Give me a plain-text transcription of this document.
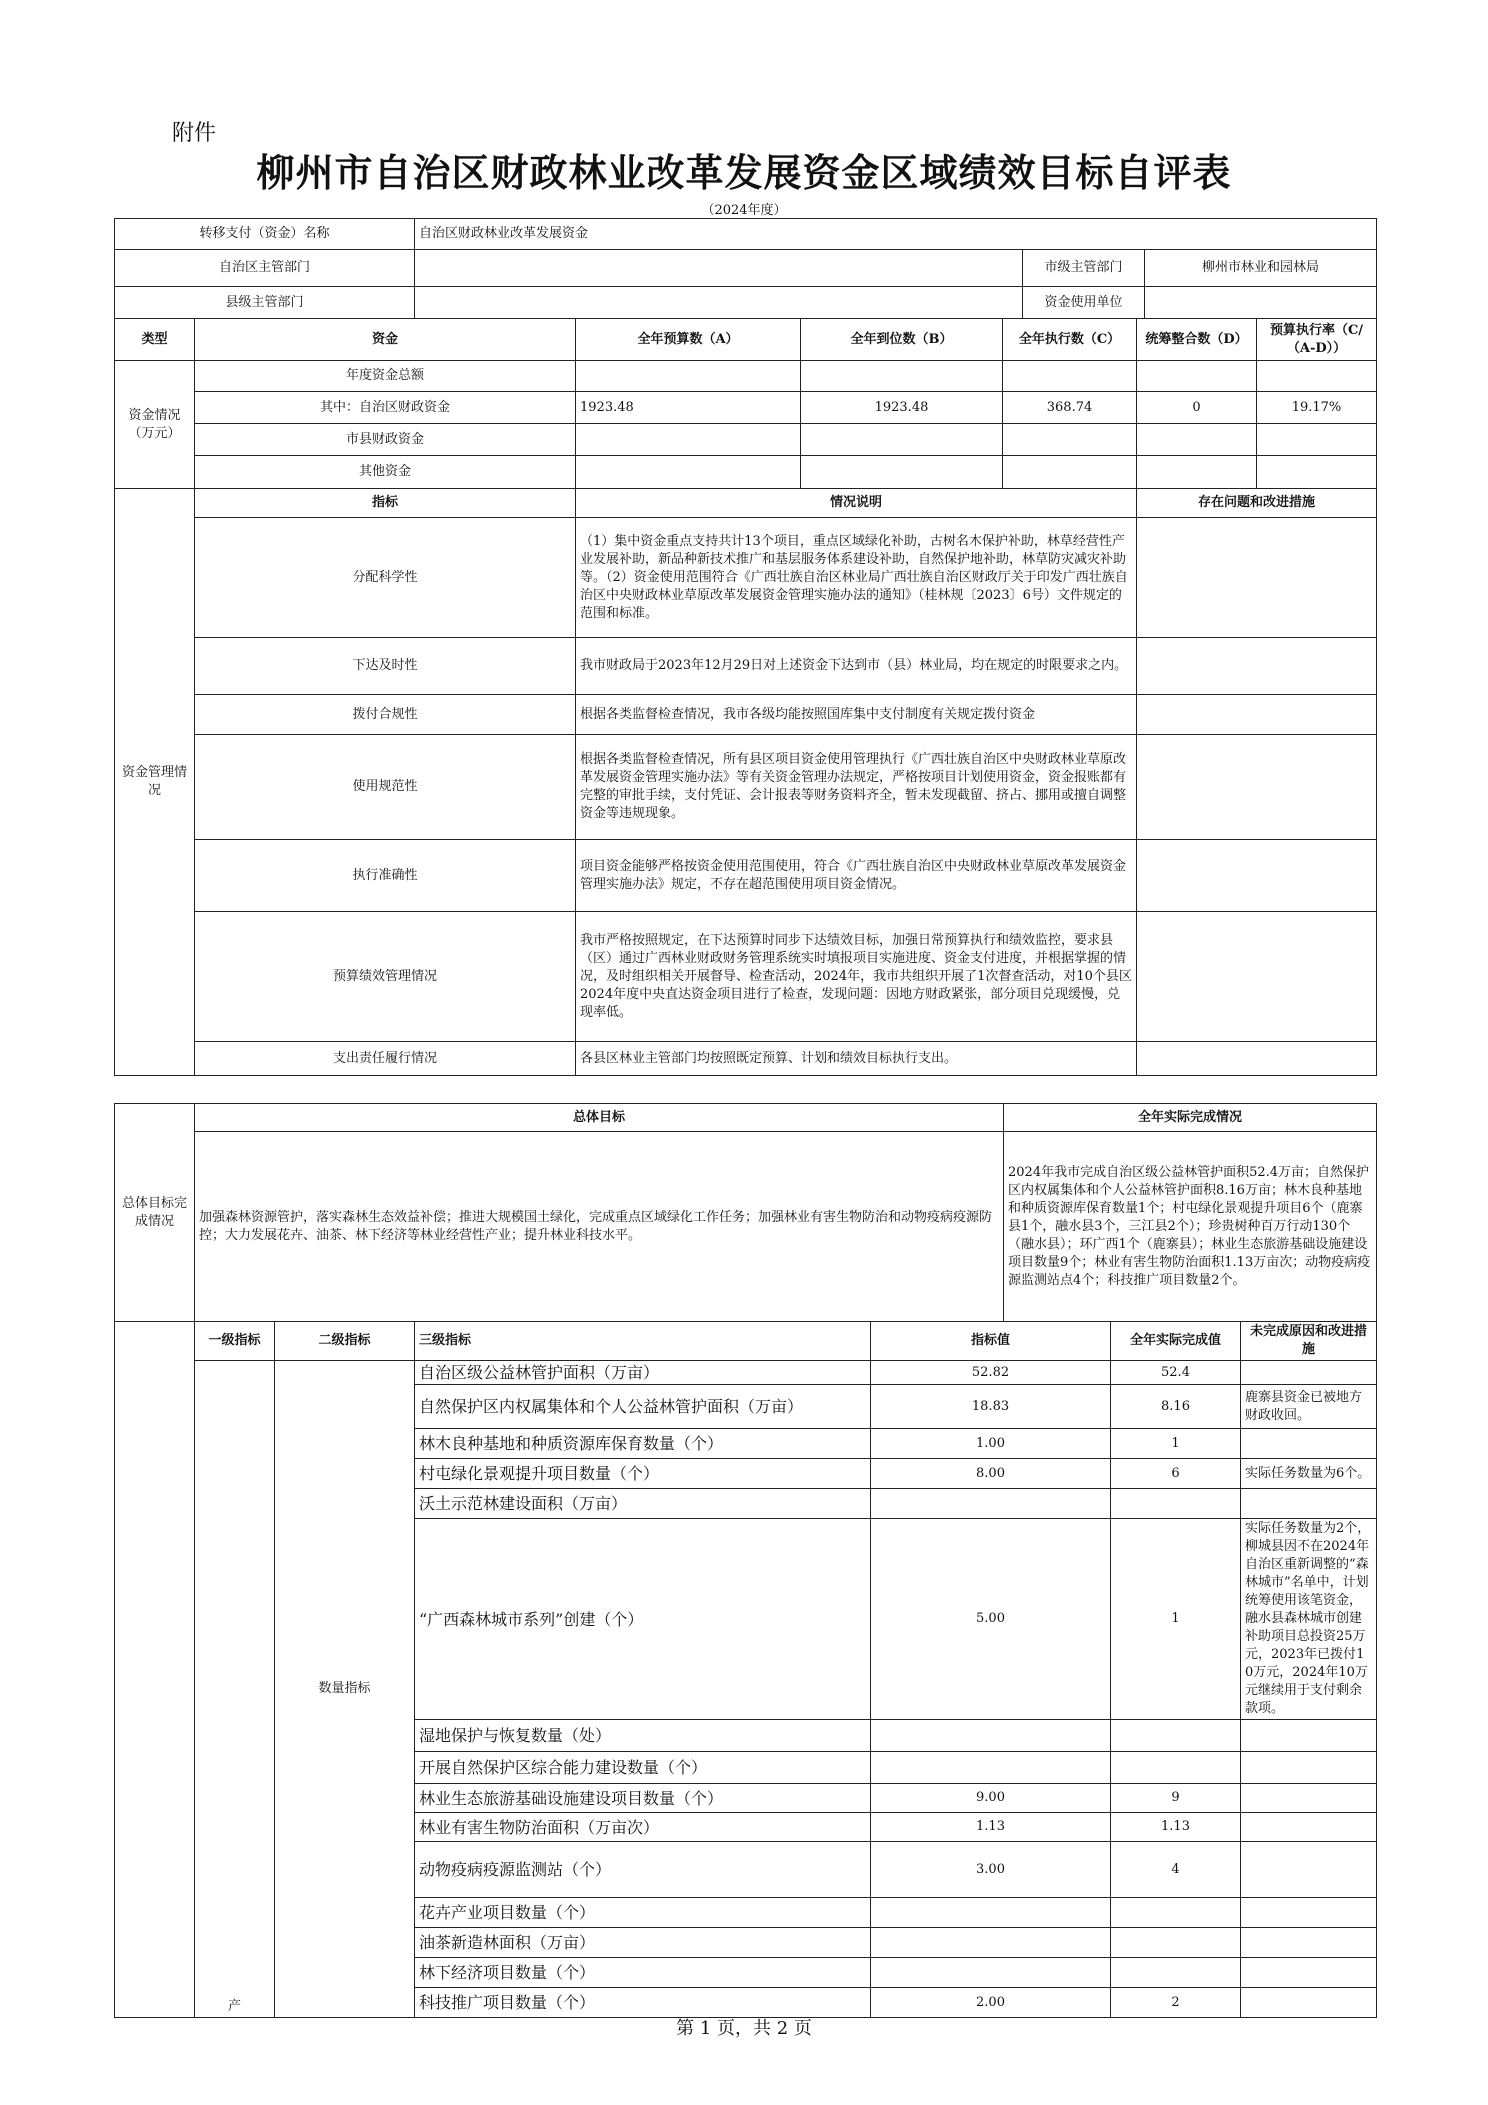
附件
柳州市自治区财政林业改革发展资金区域绩效目标自评表
（2024年度）
转移支付（资金）名称	自治区财政林业改革发展资金		
自治区主管部门		市级主管部门	柳州市林业和园林局
县级主管部门		资金使用单位	
类型	资金	全年预算数（A）	全年到位数（B）	全年执行数（C）	统筹整合数（D）	预算执行率（C/（A-D））
资金情况（万元）	年度资金总额					
	其中：自治区财政资金	1923.48	1923.48	368.74	0	19.17%
	市县财政资金					
	其他资金					
资金管理情况	指标	情况说明	存在问题和改进措施
	分配科学性	（1）集中资金重点支持共计13个项目，重点区域绿化补助，古树名木保护补助，林草经营性产业发展补助，新品种新技术推广和基层服务体系建设补助，自然保护地补助，林草防灾减灾补助等。（2）资金使用范围符合《广西壮族自治区林业局广西壮族自治区财政厅关于印发广西壮族自治区中央财政林业草原改革发展资金管理实施办法的通知》（桂林规〔2023〕6号）文件规定的范围和标准。	
	下达及时性	我市财政局于2023年12月29日对上述资金下达到市（县）林业局，均在规定的时限要求之内。	
	拨付合规性	根据各类监督检查情况，我市各级均能按照国库集中支付制度有关规定拨付资金	
	使用规范性	根据各类监督检查情况，所有县区项目资金使用管理执行《广西壮族自治区中央财政林业草原改革发展资金管理实施办法》等有关资金管理办法规定，严格按项目计划使用资金，资金报账都有完整的审批手续，支付凭证、会计报表等财务资料齐全，暂未发现截留、挤占、挪用或擅自调整资金等违规现象。	
	执行准确性	项目资金能够严格按资金使用范围使用，符合《广西壮族自治区中央财政林业草原改革发展资金管理实施办法》规定，不存在超范围使用项目资金情况。	
	预算绩效管理情况	我市严格按照规定，在下达预算时同步下达绩效目标，加强日常预算执行和绩效监控，要求县（区）通过广西林业财政财务管理系统实时填报项目实施进度、资金支付进度，并根据掌握的情况，及时组织相关开展督导、检查活动，2024年，我市共组织开展了1次督查活动，对10个县区2024年度中央直达资金项目进行了检查，发现问题：因地方财政紧张，部分项目兑现缓慢，兑现率低。	
	支出责任履行情况	各县区林业主管部门均按照既定预算、计划和绩效目标执行支出。	
总体目标完成情况	总体目标	全年实际完成情况
	加强森林资源管护，落实森林生态效益补偿；推进大规模国土绿化，完成重点区域绿化工作任务；加强林业有害生物防治和动物疫病疫源防控；大力发展花卉、油茶、林下经济等林业经营性产业；提升林业科技水平。	2024年我市完成自治区级公益林管护面积52.4万亩；自然保护区内权属集体和个人公益林管护面积8.16万亩；林木良种基地和种质资源库保育数量1个；村屯绿化景观提升项目6个（鹿寨县1个，融水县3个，三江县2个）；珍贵树种百万行动130个（融水县）；环广西1个（鹿寨县）；林业生态旅游基础设施建设项目数量9个；林业有害生物防治面积1.13万亩次；动物疫病疫源监测站点4个；科技推广项目数量2个。
	一级指标	二级指标	三级指标	指标值	全年实际完成值	未完成原因和改进措施
	产	数量指标	自治区级公益林管护面积（万亩）	52.82	52.4	
			自然保护区内权属集体和个人公益林管护面积（万亩）	18.83	8.16	鹿寨县资金已被地方财政收回。
			林木良种基地和种质资源库保育数量（个）	1.00	1	
			村屯绿化景观提升项目数量（个）	8.00	6	实际任务数量为6个。
			沃土示范林建设面积（万亩）			
			“广西森林城市系列”创建（个）	5.00	1	实际任务数量为2个，柳城县因不在2024年自治区重新调整的“森林城市”名单中，计划统筹使用该笔资金，融水县森林城市创建补助项目总投资25万元，2023年已拨付10万元，2024年10万元继续用于支付剩余款项。
			湿地保护与恢复数量（处）			
			开展自然保护区综合能力建设数量（个）			
			林业生态旅游基础设施建设项目数量（个）	9.00	9	
			林业有害生物防治面积（万亩次）	1.13	1.13	
			动物疫病疫源监测站（个）	3.00	4	
			花卉产业项目数量（个）			
			油茶新造林面积（万亩）			
			林下经济项目数量（个）			
			科技推广项目数量（个）	2.00	2	
第 1 页，共 2 页
